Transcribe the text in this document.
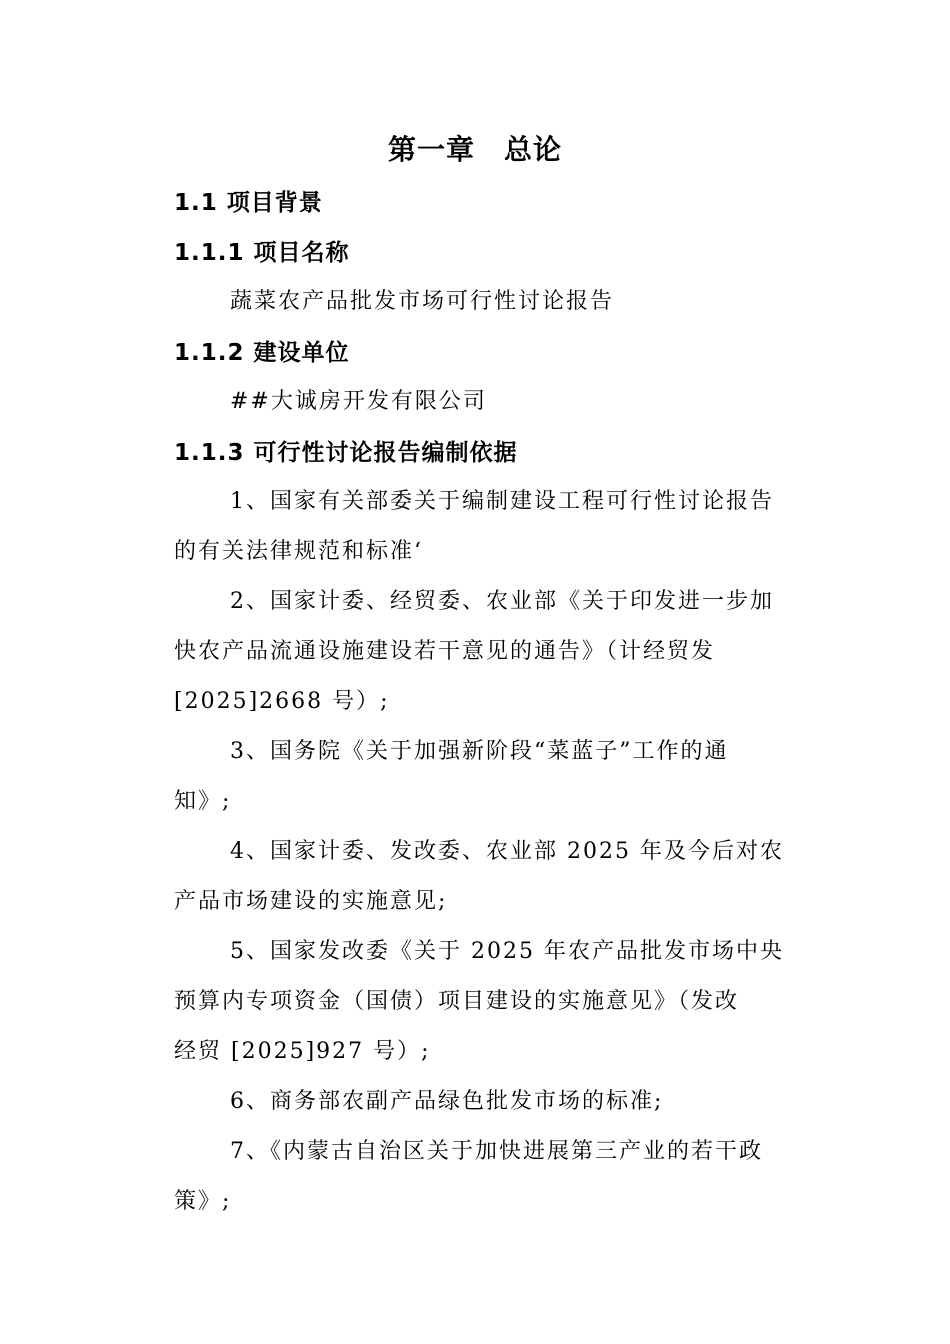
第一章　总论
1.1 项目背景
1.1.1 项目名称
蔬菜农产品批发市场可行性讨论报告
1.1.2 建设单位
##大诚房开发有限公司
1.1.3 可行性讨论报告编制依据
1、国家有关部委关于编制建设工程可行性讨论报告
的有关法律规范和标准‘
2、国家计委、经贸委、农业部《关于印发进一步加
快农产品流通设施建设若干意见的通告》（计经贸发
[2025]2668 号）;
3、国务院《关于加强新阶段“菜蓝子”工作的通
知》;
4、国家计委、发改委、农业部 2025 年及今后对农
产品市场建设的实施意见;
5、国家发改委《关于 2025 年农产品批发市场中央
预算内专项资金（国债）项目建设的实施意见》（发改
经贸 [2025]927 号）;
6、商务部农副产品绿色批发市场的标准;
7、《内蒙古自治区关于加快进展第三产业的若干政
策》;
